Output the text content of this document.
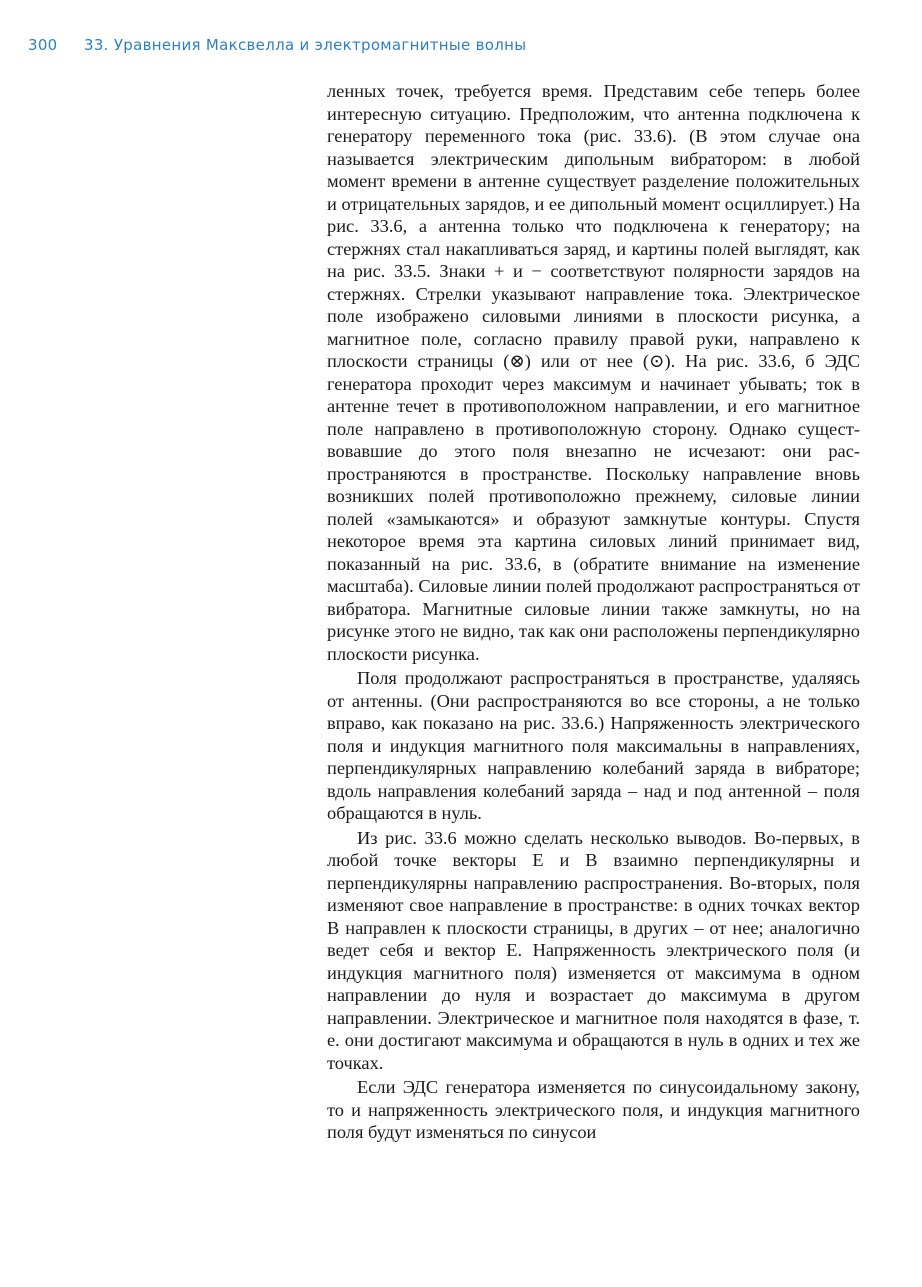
300 33. Уравнения Максвелла и электромагнитные волны

ленных точек, требуется время. Представим себе теперь более интересную ситуацию. Предположим, что антенна подключена к генератору переменного тока (рис. 33.6). (В этом случае она называется электрическим дипольным вибратором: в любой момент времени в антенне существует разделение положительных и отрицательных зарядов, и ее дипольный момент осциллирует.) На рис. 33.6, а антенна только что подключена к генератору; на стержнях стал накапливаться заряд, и картины полей выглядят, как на рис. 33.5. Знаки + и − соответствуют полярности зарядов на стержнях. Стрелки указывают направление тока. Электрическое поле изображено силовыми линиями в плоскости рисунка, а магнитное поле, согласно правилу правой руки, направлено к плоскости страницы (⊗) или от нее (⊙). На рис. 33.6, б ЭДС генератора проходит через максимум и начинает убывать; ток в антенне течет в противоположном направлении, и его магнитное поле направлено в противоположную сторону. Однако существовавшие до этого поля внезапно не исчезают: они распространяются в пространстве. Поскольку направление вновь возникших полей противоположно прежнему, силовые линии полей «замыкаются» и образуют замкнутые контуры. Спустя некоторое время эта картина силовых линий принимает вид, показанный на рис. 33.6, в (обратите внимание на изменение масштаба). Силовые линии полей продолжают распространяться от вибратора. Магнитные силовые линии также замкнуты, но на рисунке этого не видно, так как они расположены перпендикулярно плоскости рисунка.

Поля продолжают распространяться в пространстве, удаляясь от антенны. (Они распространяются во все стороны, а не только вправо, как показано на рис. 33.6.) Напряженность электрического поля и индукция магнитного поля максимальны в направлениях, перпендикулярных направлению колебаний заряда в вибраторе; вдоль направления колебаний заряда – над и под антенной – поля обращаются в нуль.

Из рис. 33.6 можно сделать несколько выводов. Во-первых, в любой точке векторы E и B взаимно перпендикулярны и перпендикулярны направлению распространения. Во-вторых, поля изменяют свое направление в пространстве: в одних точках вектор B направлен к плоскости страницы, в других – от нее; аналогично ведет себя и вектор E. Напряженность электрического поля (и индукция магнитного поля) изменяется от максимума в одном направлении до нуля и возрастает до максимума в другом направлении. Электрическое и магнитное поля находятся в фазе, т. е. они достигают максимума и обращаются в нуль в одних и тех же точках.

Если ЭДС генератора изменяется по синусоидальному закону, то и напряженность электрического поля, и индукция магнитного поля будут изменяться по синусои
